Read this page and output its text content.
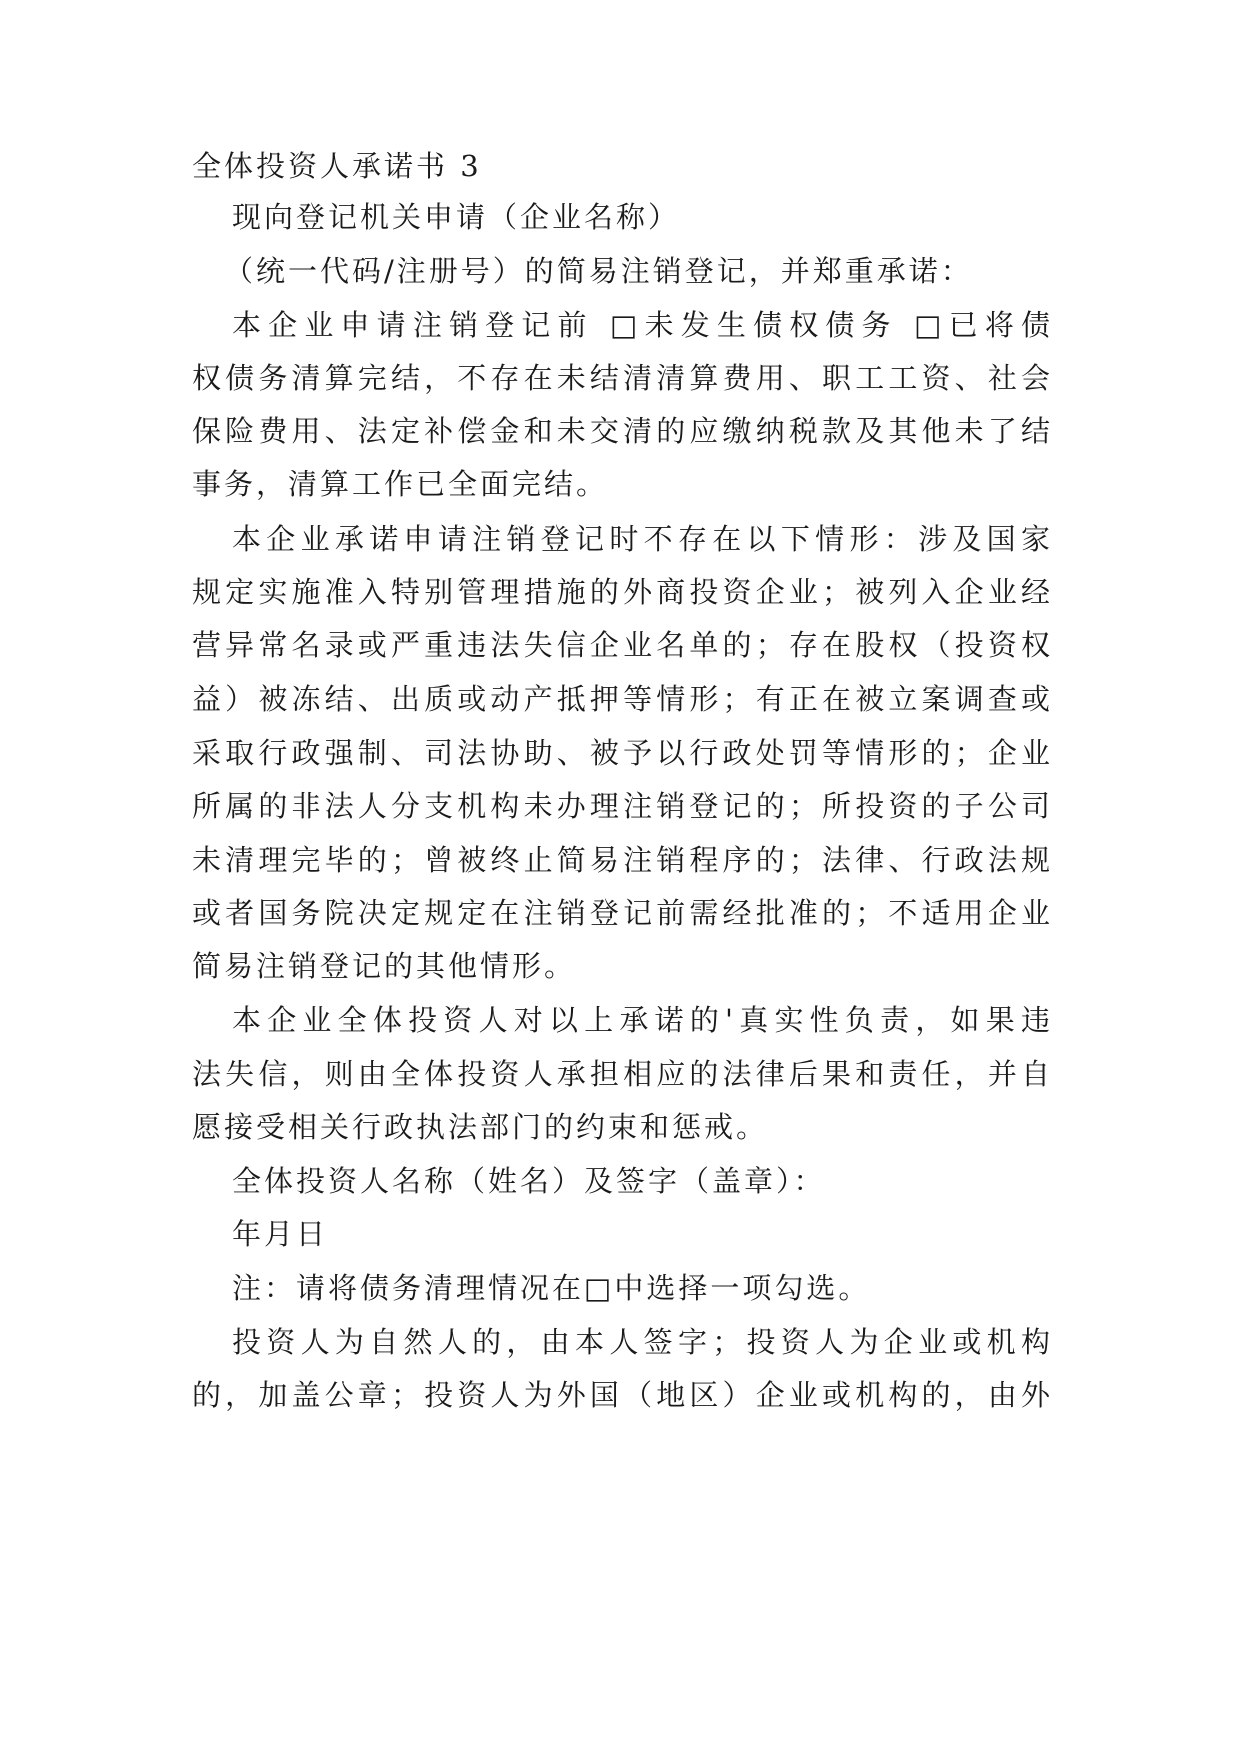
全体投资人承诺书 3
现向登记机关申请（企业名称）
（统一代码/注册号）的简易注销登记，并郑重承诺：
本企业申请注销登记前 □未发生债权债务 □已将债
权债务清算完结，不存在未结清清算费用、职工工资、社会
保险费用、法定补偿金和未交清的应缴纳税款及其他未了结
事务，清算工作已全面完结。
本企业承诺申请注销登记时不存在以下情形：涉及国家
规定实施准入特别管理措施的外商投资企业；被列入企业经
营异常名录或严重违法失信企业名单的；存在股权（投资权
益）被冻结、出质或动产抵押等情形；有正在被立案调查或
采取行政强制、司法协助、被予以行政处罚等情形的；企业
所属的非法人分支机构未办理注销登记的；所投资的子公司
未清理完毕的；曾被终止简易注销程序的；法律、行政法规
或者国务院决定规定在注销登记前需经批准的；不适用企业
简易注销登记的其他情形。
本企业全体投资人对以上承诺的'真实性负责，如果违
法失信，则由全体投资人承担相应的法律后果和责任，并自
愿接受相关行政执法部门的约束和惩戒。
全体投资人名称（姓名）及签字（盖章）：
年月日
注：请将债务清理情况在□中选择一项勾选。
投资人为自然人的，由本人签字；投资人为企业或机构
的，加盖公章；投资人为外国（地区）企业或机构的，由外
